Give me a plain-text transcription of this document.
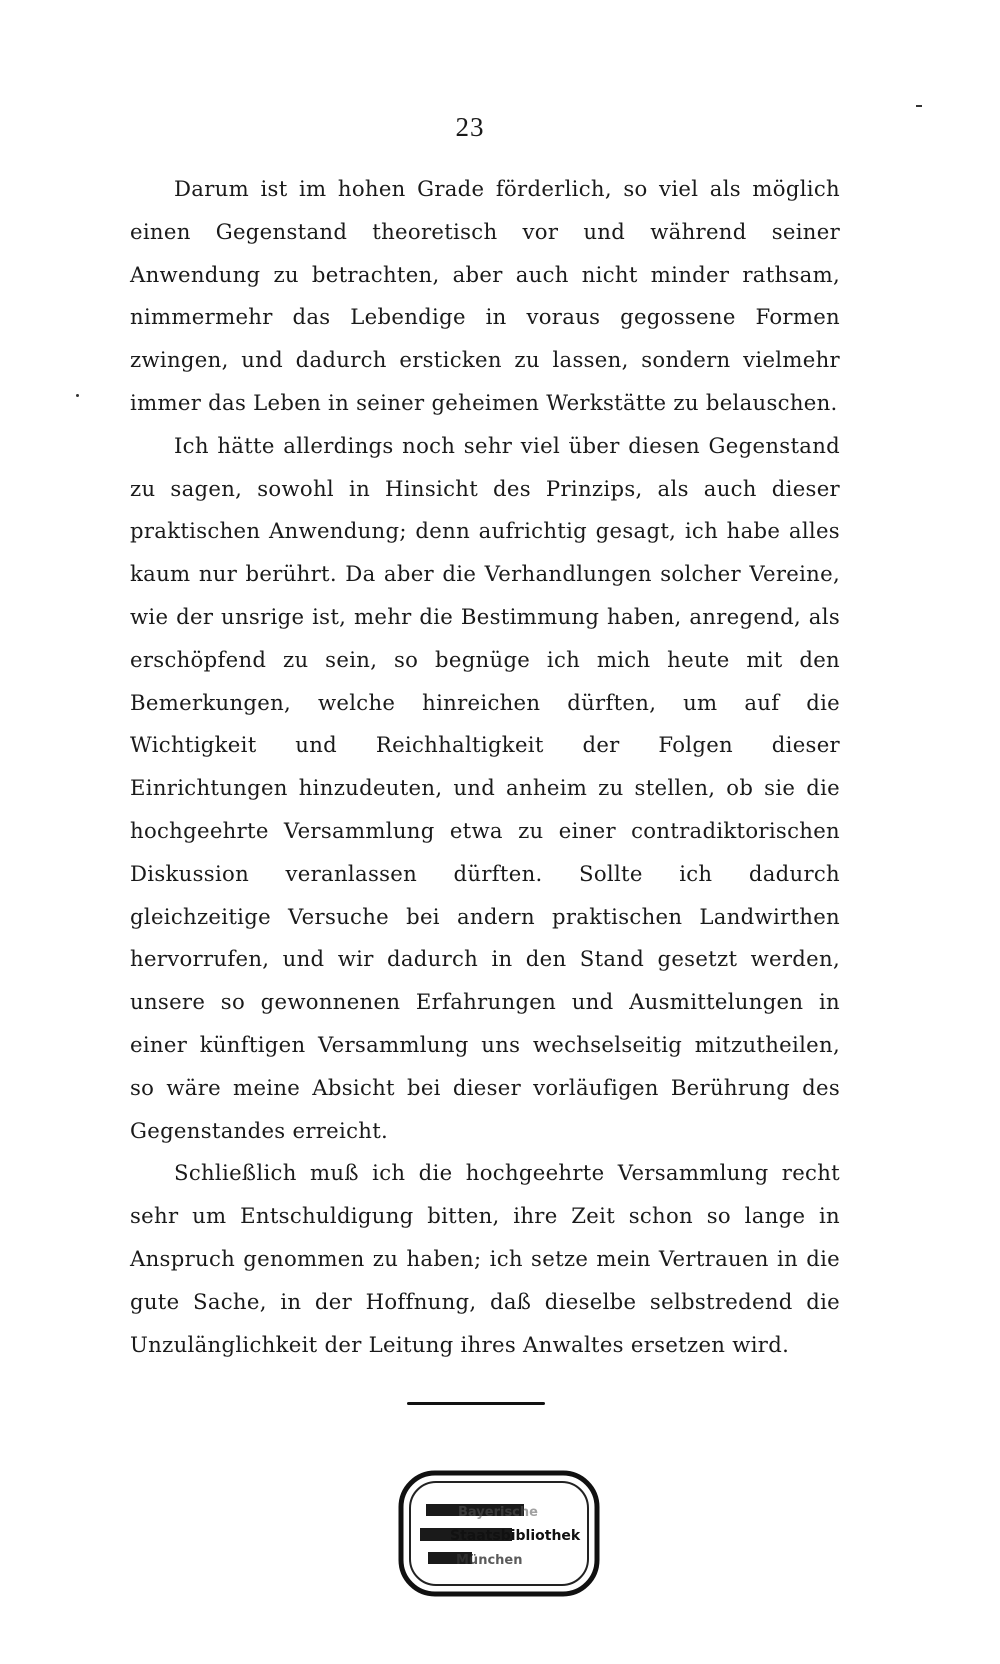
23

Darum ist im hohen Grade förderlich, so viel als möglich einen Gegenstand theoretisch vor und während seiner Anwendung zu betrachten, aber auch nicht minder rathsam, nimmermehr das Lebendige in voraus gegossene Formen zwingen, und dadurch ersticken zu lassen, sondern vielmehr immer das Leben in seiner geheimen Werkstätte zu belauschen.

Ich hätte allerdings noch sehr viel über diesen Gegenstand zu sagen, sowohl in Hinsicht des Prinzips, als auch dieser praktischen Anwendung; denn aufrichtig gesagt, ich habe alles kaum nur berührt. Da aber die Verhandlungen solcher Vereine, wie der unsrige ist, mehr die Bestimmung haben, anregend, als erschöpfend zu sein, so begnüge ich mich heute mit den Bemerkungen, welche hinreichen dürften, um auf die Wichtigkeit und Reichhaltigkeit der Folgen dieser Einrichtungen hinzudeuten, und anheim zu stellen, ob sie die hochgeehrte Versammlung etwa zu einer contradiktorischen Diskussion veranlassen dürften. Sollte ich dadurch gleichzeitige Versuche bei andern praktischen Landwirthen hervorrufen, und wir dadurch in den Stand gesetzt werden, unsere so gewonnenen Erfahrungen und Ausmittelungen in einer künftigen Versammlung uns wechselseitig mitzutheilen, so wäre meine Absicht bei dieser vorläufigen Berührung des Gegenstandes erreicht.

Schließlich muß ich die hochgeehrte Versammlung recht sehr um Entschuldigung bitten, ihre Zeit schon so lange in Anspruch genommen zu haben; ich setze mein Vertrauen in die gute Sache, in der Hoffnung, daß dieselbe selbstredend die Unzulänglichkeit der Leitung ihres Anwaltes ersetzen wird.

Bayerische
Staatsbibliothek
München
